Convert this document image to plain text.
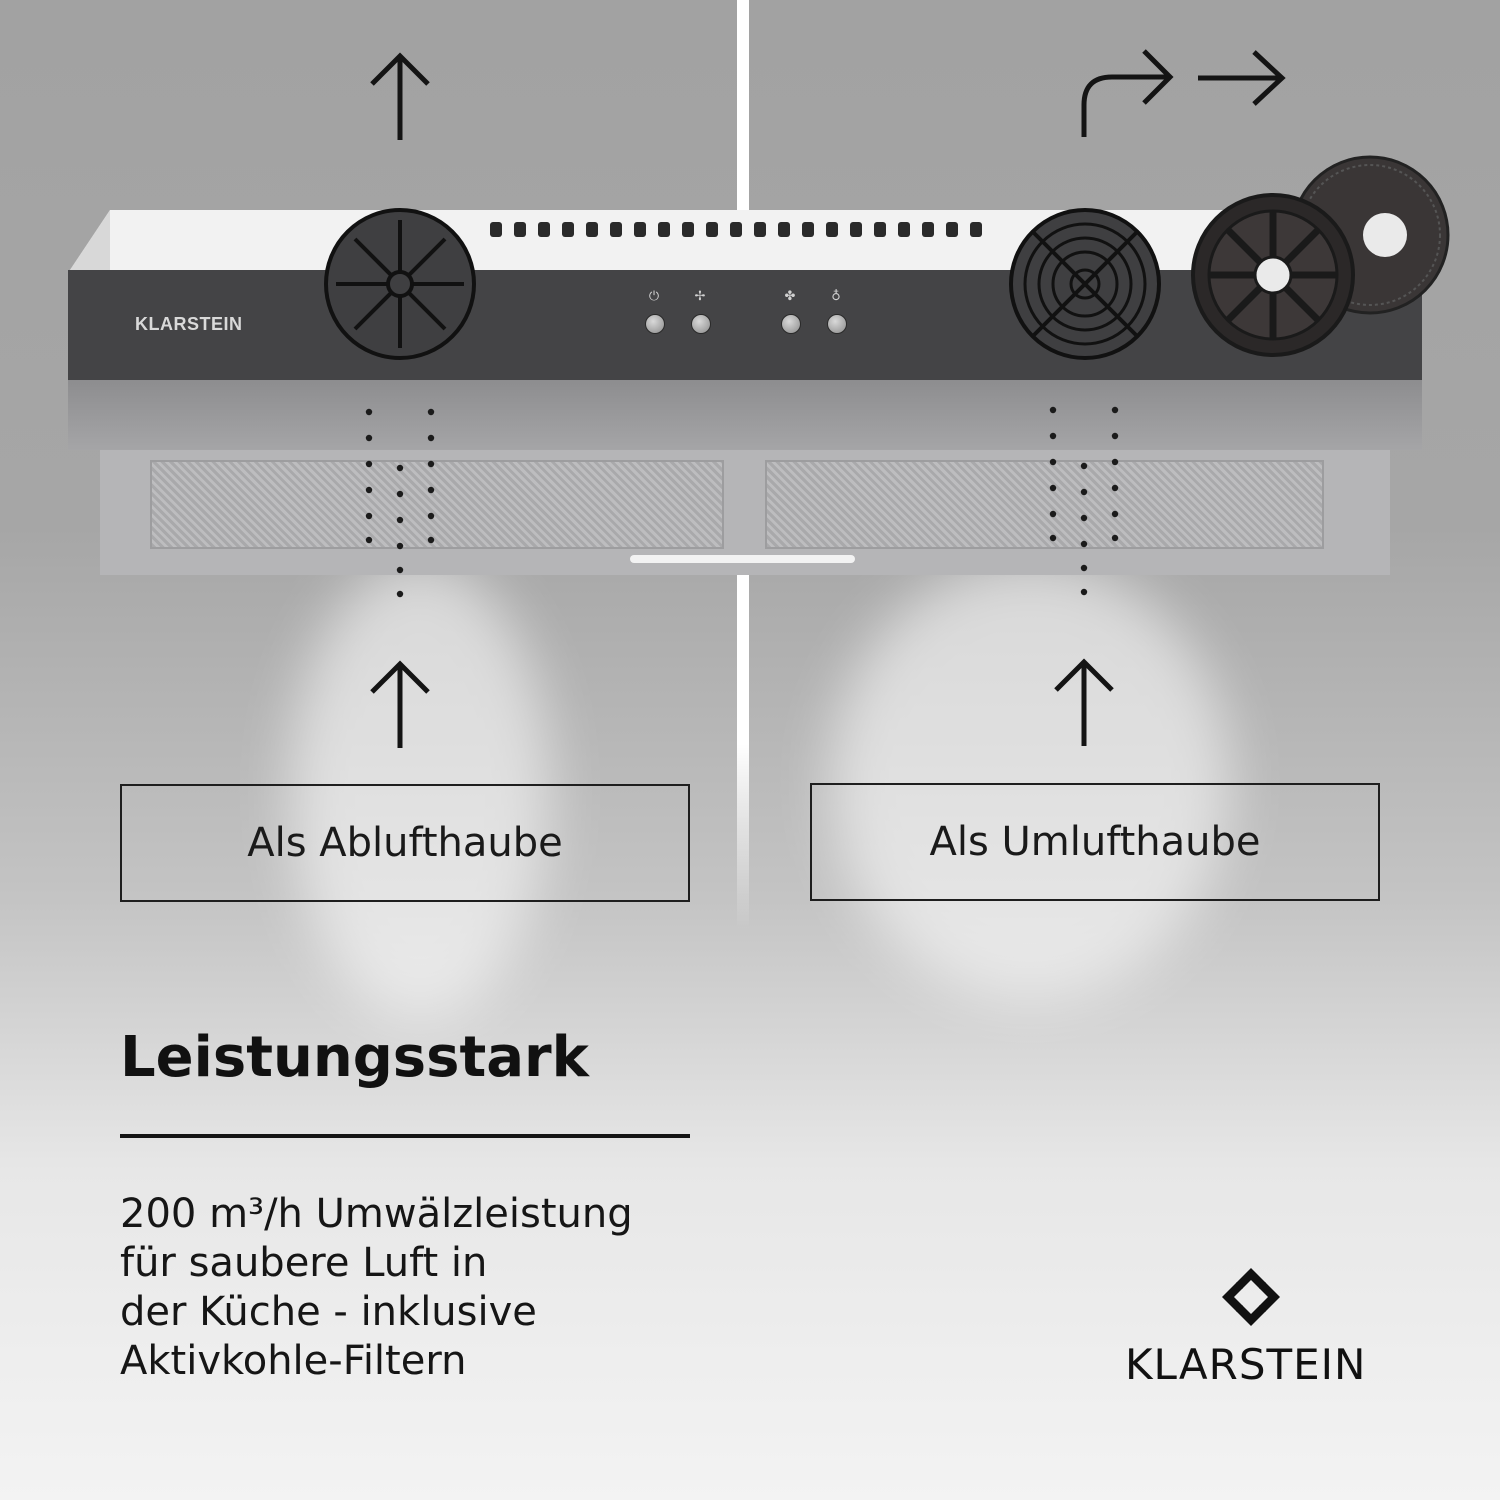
KLARSTEIN
⏻	✢	✤	♁
Als Ablufthaube	Als Umlufthaube
Leistungsstark
200 m³/h Umwälzleistung
für saubere Luft in
der Küche - inklusive
Aktivkohle-Filtern	KLARSTEIN
